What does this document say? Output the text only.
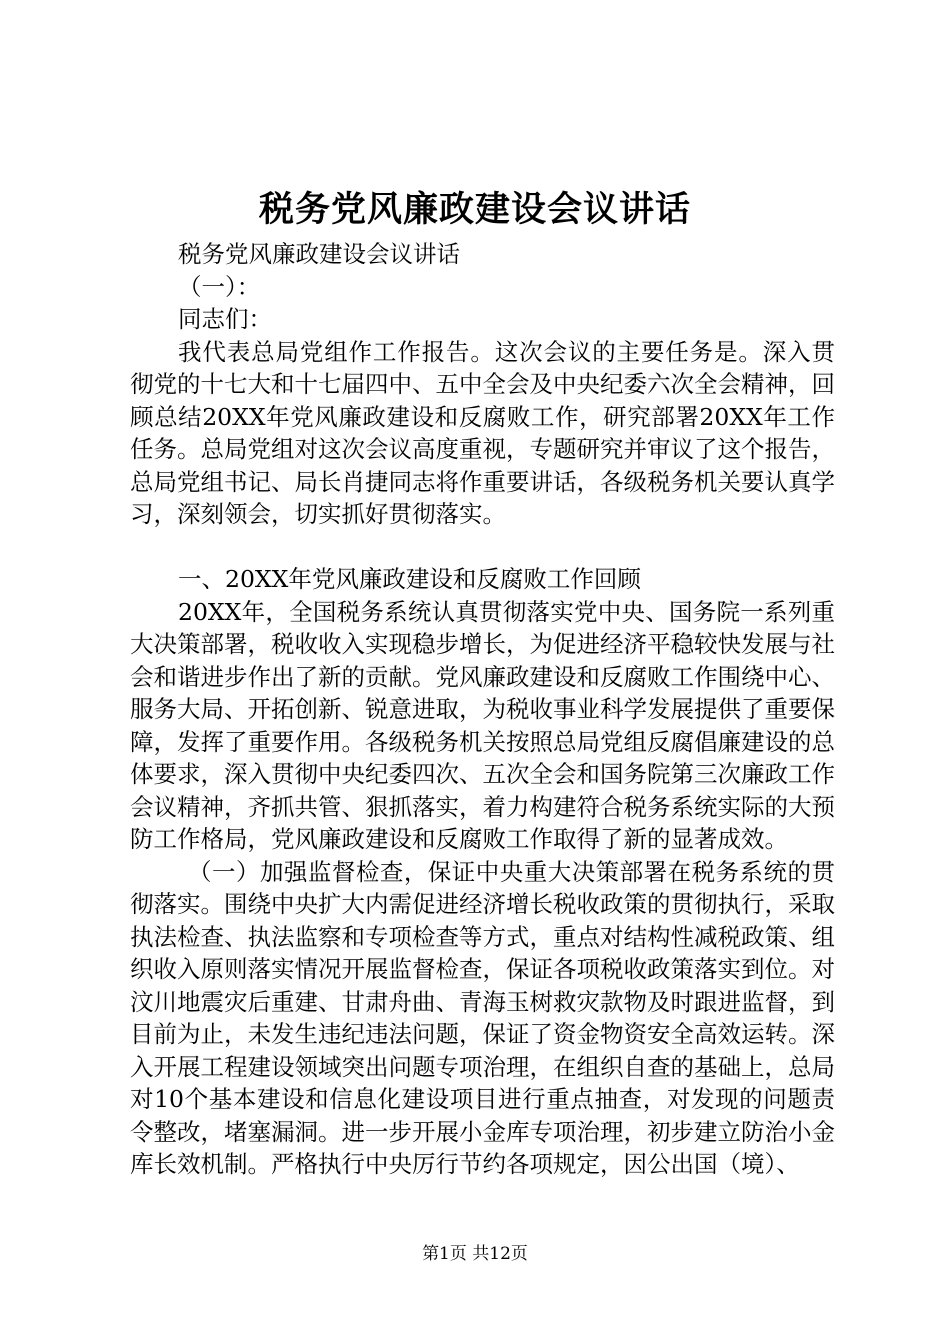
税务党风廉政建设会议讲话

税务党风廉政建设会议讲话

（一）：

同志们：

我代表总局党组作工作报告。这次会议的主要任务是。深入贯彻党的十七大和十七届四中、五中全会及中央纪委六次全会精神，回顾总结20XX年党风廉政建设和反腐败工作，研究部署20XX年工作任务。总局党组对这次会议高度重视，专题研究并审议了这个报告，总局党组书记、局长肖捷同志将作重要讲话，各级税务机关要认真学习，深刻领会，切实抓好贯彻落实。

一、20XX年党风廉政建设和反腐败工作回顾

20XX年，全国税务系统认真贯彻落实党中央、国务院一系列重大决策部署，税收收入实现稳步增长，为促进经济平稳较快发展与社会和谐进步作出了新的贡献。党风廉政建设和反腐败工作围绕中心、服务大局、开拓创新、锐意进取，为税收事业科学发展提供了重要保障，发挥了重要作用。各级税务机关按照总局党组反腐倡廉建设的总体要求，深入贯彻中央纪委四次、五次全会和国务院第三次廉政工作会议精神，齐抓共管、狠抓落实，着力构建符合税务系统实际的大预防工作格局，党风廉政建设和反腐败工作取得了新的显著成效。

（一）加强监督检查，保证中央重大决策部署在税务系统的贯彻落实。围绕中央扩大内需促进经济增长税收政策的贯彻执行，采取执法检查、执法监察和专项检查等方式，重点对结构性减税政策、组织收入原则落实情况开展监督检查，保证各项税收政策落实到位。对汶川地震灾后重建、甘肃舟曲、青海玉树救灾款物及时跟进监督，到目前为止，未发生违纪违法问题，保证了资金物资安全高效运转。深入开展工程建设领域突出问题专项治理，在组织自查的基础上，总局对10个基本建设和信息化建设项目进行重点抽查，对发现的问题责令整改，堵塞漏洞。进一步开展小金库专项治理，初步建立防治小金库长效机制。严格执行中央厉行节约各项规定，因公出国（境）、

第1页 共12页
